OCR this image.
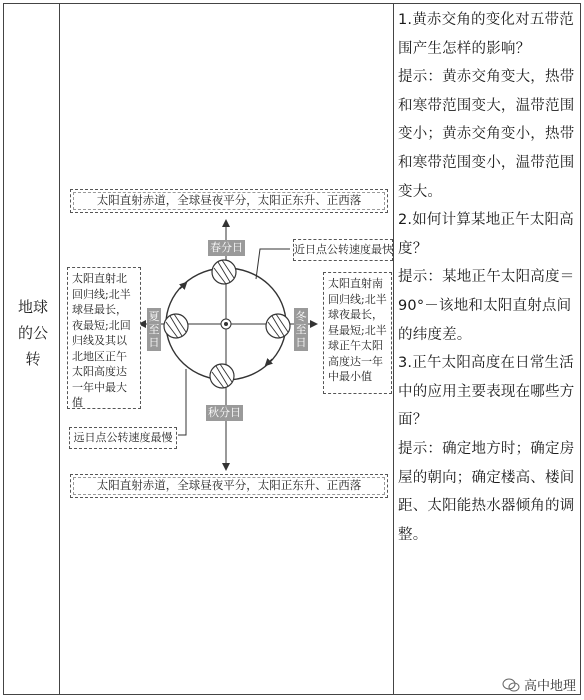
地球
的公
转
太阳直射赤道，全球昼夜平分，太阳正东升、正西落
春分日
秋分日
夏至日
冬至日
太阳直射北回归线;北半球昼最长，夜最短;北回归线及其以北地区正午太阳高度达一年中最大值
太阳直射南回归线;北半球夜最长，昼最短;北半球正午太阳高度达一年中最小值
近日点公转速度最快
远日点公转速度最慢
太阳直射赤道，全球昼夜平分，太阳正东升、正西落

1.黄赤交角的变化对五带范围产生怎样的影响？

提示：黄赤交角变大，热带和寒带范围变大，温带范围变小；黄赤交角变小，热带和寒带范围变小，温带范围变大。

2.如何计算某地正午太阳高度？

提示：某地正午太阳高度＝90°－该地和太阳直射点间的纬度差。

3.正午太阳高度在日常生活中的应用主要表现在哪些方面？

提示：确定地方时；确定房屋的朝向；确定楼高、楼间距、太阳能热水器倾角的调整。

高中地理
